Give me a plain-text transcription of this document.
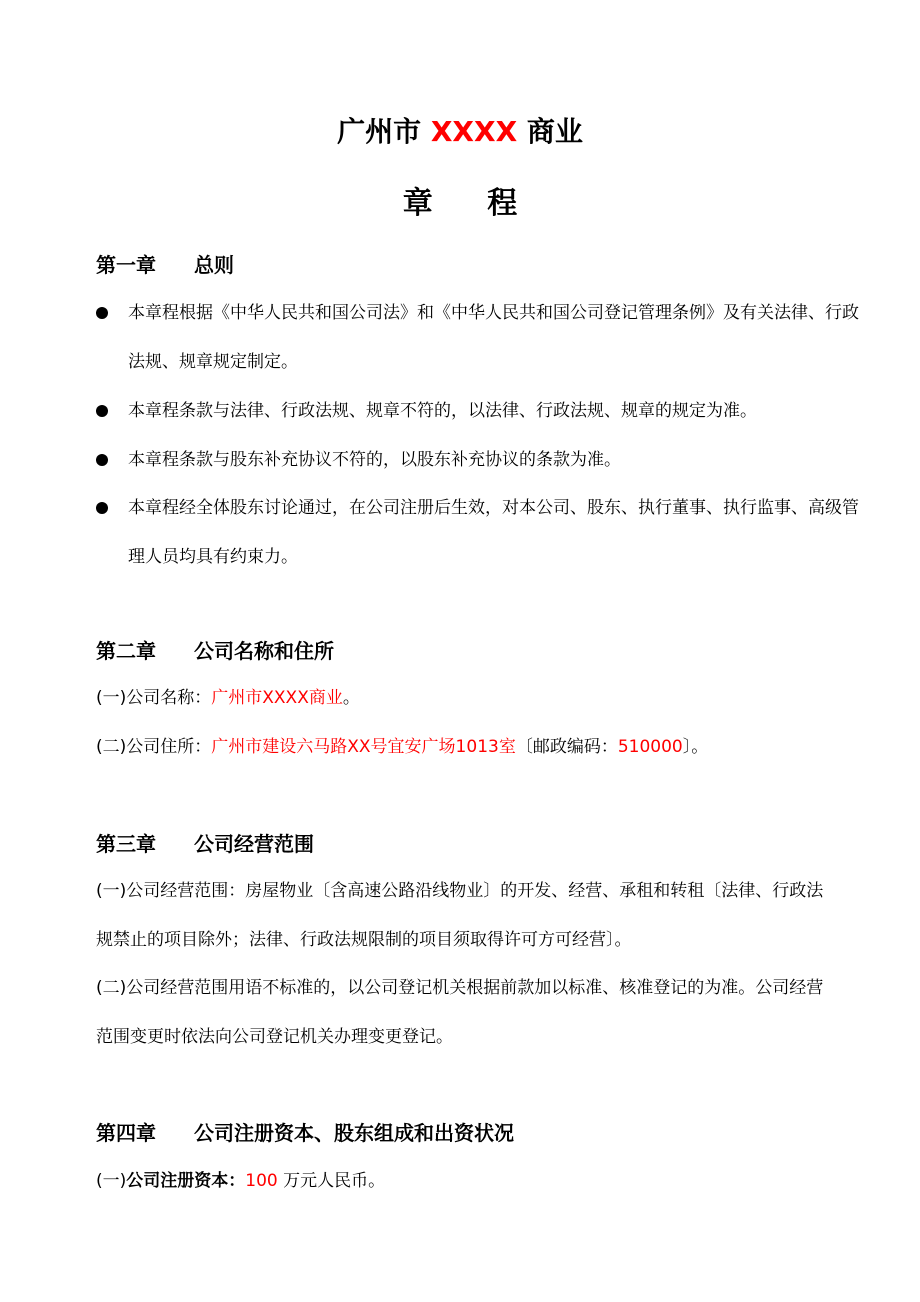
广州市 XXXX 商业
章 程
第一章 总则
本章程根据《中华人民共和国公司法》和《中华人民共和国公司登记管理条例》及有关法律、行政法规、规章规定制定。
本章程条款与法律、行政法规、规章不符的，以法律、行政法规、规章的规定为准。
本章程条款与股东补充协议不符的，以股东补充协议的条款为准。
本章程经全体股东讨论通过，在公司注册后生效，对本公司、股东、执行董事、执行监事、高级管理人员均具有约束力。
第二章 公司名称和住所
(一)公司名称：广州市XXXX商业。
(二)公司住所：广州市建设六马路XX号宜安广场1013室〔邮政编码：510000〕。
第三章 公司经营范围
(一)公司经营范围：房屋物业〔含高速公路沿线物业〕的开发、经营、承租和转租〔法律、行政法规禁止的项目除外；法律、行政法规限制的项目须取得许可方可经营〕。
(二)公司经营范围用语不标准的，以公司登记机关根据前款加以标准、核准登记的为准。公司经营范围变更时依法向公司登记机关办理变更登记。
第四章 公司注册资本、股东组成和出资状况
(一)公司注册资本：100 万元人民币。
